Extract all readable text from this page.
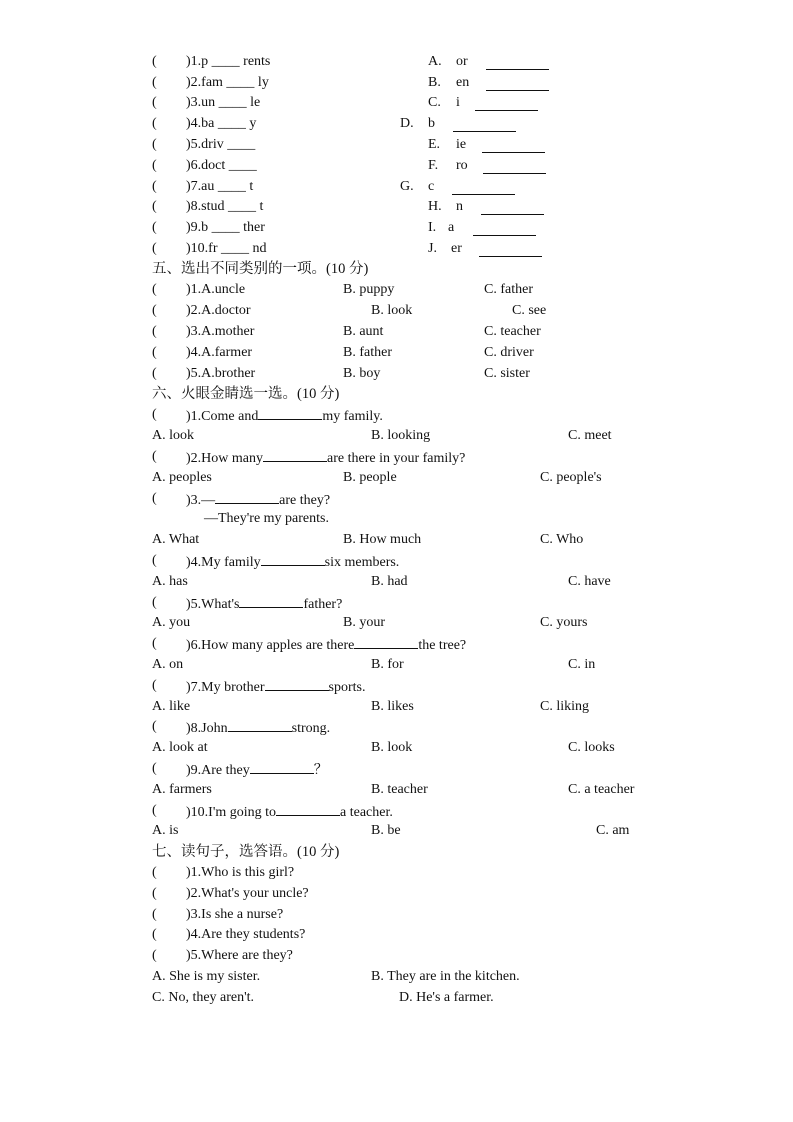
( )1.p ____ rents
( )2.fam ____ ly
( )3.un ____ le
( )4.ba ____ y
( )5.driv ____
( )6.doct ____
( )7.au ____ t
( )8.stud ____ t
( )9.b ____ ther
( )10.fr ____ nd
A. or
B. en
C. i
D. b
E. ie
F. ro
G. c
H. n
I. a
J. er
五、选出不同类别的一项。(10 分)
( )1.A.uncle	B. puppy	C. father
( )2.A.doctor	B. look	C. see
( )3.A.mother	B. aunt	C. teacher
( )4.A.farmer	B. father	C. driver
( )5.A.brother	B. boy	C. sister
六、火眼金睛选一选。(10 分)
( )1.Come and	my family.
A. look	B. looking	C. meet
( )2.How many	are there in your family?
A. peoples	B. people	C. people's
( )3.—	are they?
—They're my parents.
A. What	B. How much	C. Who
( )4.My family	six members.
A. has	B. had	C. have
( )5.What's	father?
A. you	B. your	C. yours
( )6.How many apples are there	the tree?
A. on	B. for	C. in
( )7.My brother	sports.
A. like	B. likes	C. liking
( )8.John	strong.
A. look at	B. look	C. looks
( )9.Are they	？
A. farmers	B. teacher	C. a teacher
( )10.I'm going to	a teacher.
A. is	B. be	C. am
七、读句子，选答语。(10 分)
( )1.Who is this girl?
( )2.What's your uncle?
( )3.Is she a nurse?
( )4.Are they students?
( )5.Where are they?
A. She is my sister.	B. They are in the kitchen.
C. No, they aren't.	D. He's a farmer.
